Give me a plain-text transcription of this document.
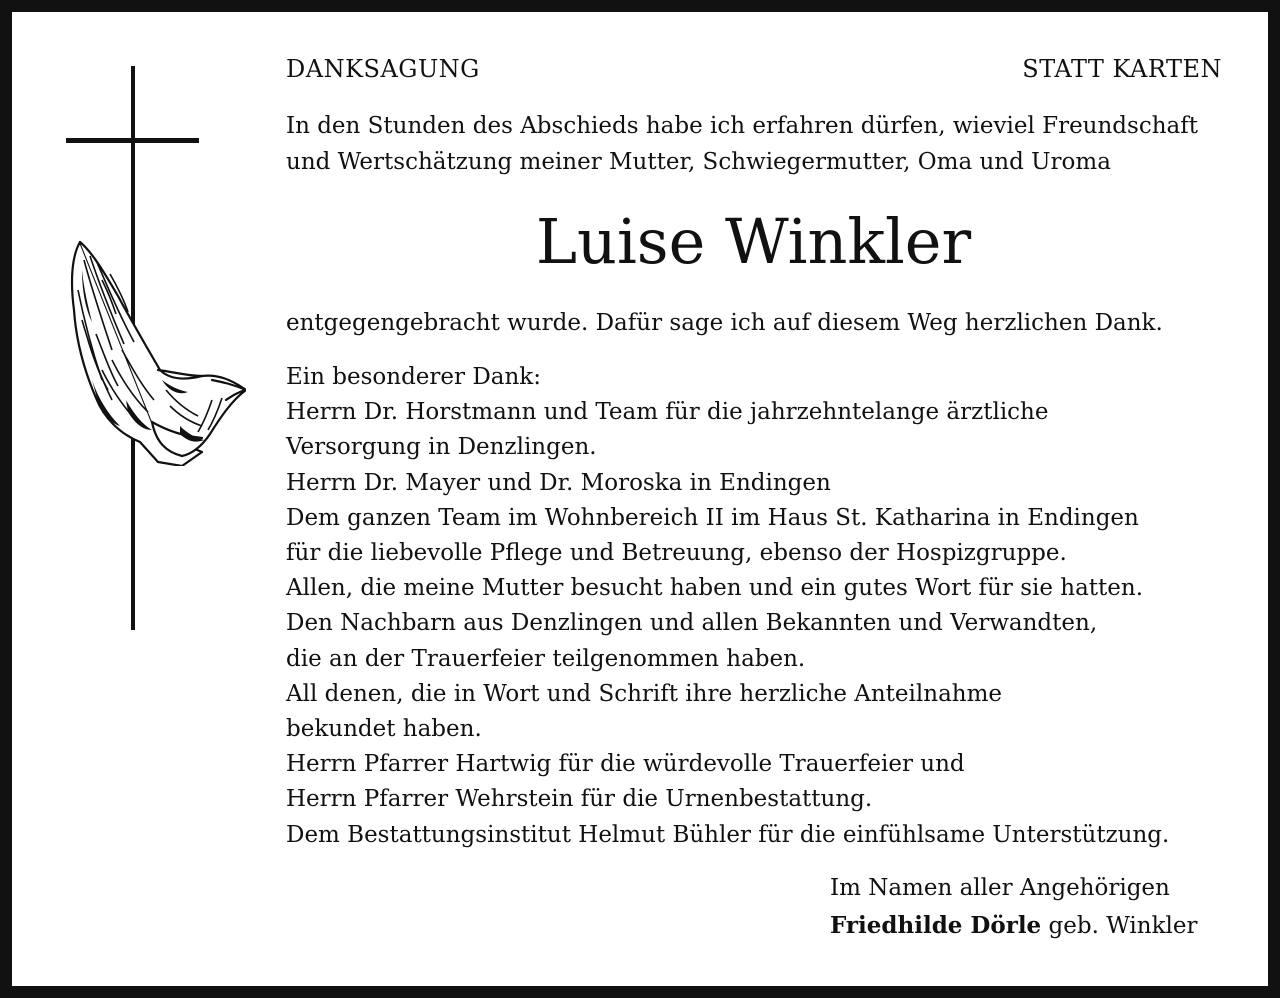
DANKSAGUNG	STATT KARTEN
In den Stunden des Abschieds habe ich erfahren dürfen, wieviel Freundschaft
und Wertschätzung meiner Mutter, Schwiegermutter, Oma und Uroma
Luise Winkler
entgegengebracht wurde. Dafür sage ich auf diesem Weg herzlichen Dank.
Ein besonderer Dank:
Herrn Dr. Horstmann und Team für die jahrzehntelange ärztliche
Versorgung in Denzlingen.
Herrn Dr. Mayer und Dr. Moroska in Endingen
Dem ganzen Team im Wohnbereich II im Haus St. Katharina in Endingen
für die liebevolle Pflege und Betreuung, ebenso der Hospizgruppe.
Allen, die meine Mutter besucht haben und ein gutes Wort für sie hatten.
Den Nachbarn aus Denzlingen und allen Bekannten und Verwandten,
die an der Trauerfeier teilgenommen haben.
All denen, die in Wort und Schrift ihre herzliche Anteilnahme
bekundet haben.
Herrn Pfarrer Hartwig für die würdevolle Trauerfeier und
Herrn Pfarrer Wehrstein für die Urnenbestattung.
Dem Bestattungsinstitut Helmut Bühler für die einfühlsame Unterstützung.
Im Namen aller Angehörigen
Friedhilde Dörle geb. Winkler
